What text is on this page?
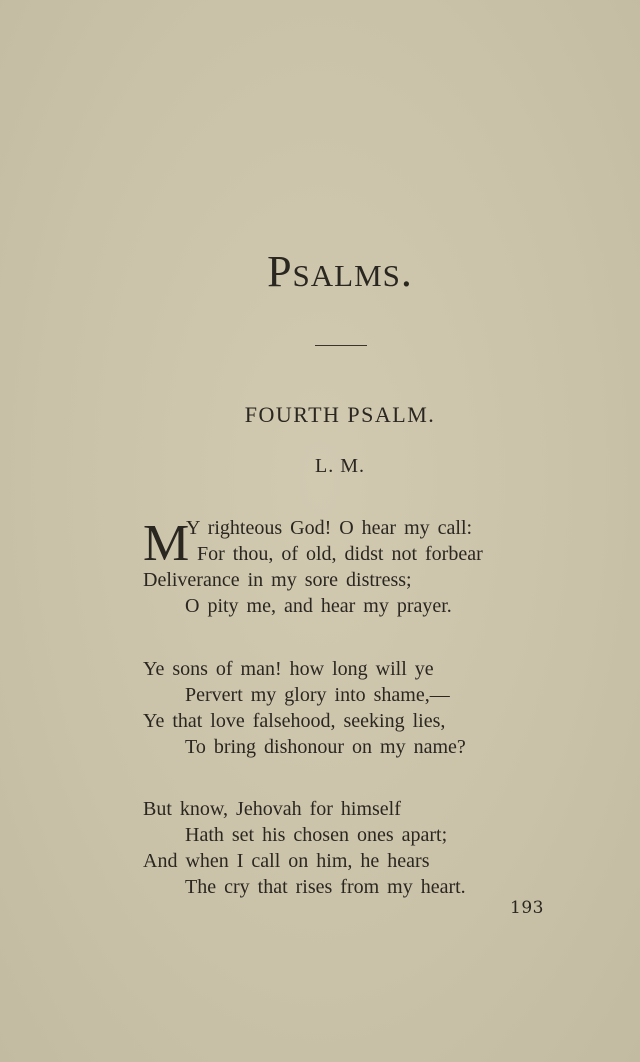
Psalms.
FOURTH PSALM.
L. M.
M
Y righteous God! O hear my call:
For thou, of old, didst not forbear
Deliverance in my sore distress;
O pity me, and hear my prayer.
Ye sons of man! how long will ye
Pervert my glory into shame,—
Ye that love falsehood, seeking lies,
To bring dishonour on my name?
But know, Jehovah for himself
Hath set his chosen ones apart;
And when I call on him, he hears
The cry that rises from my heart.
193
